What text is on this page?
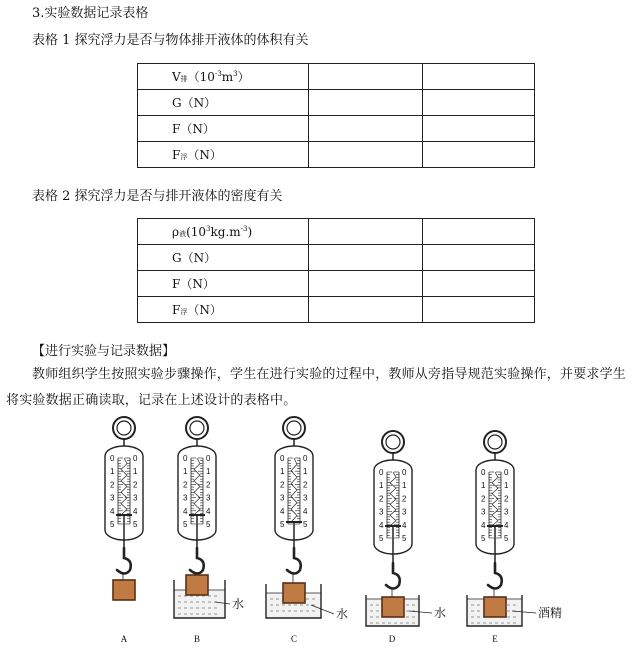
3.实验数据记录表格
表格 1 探究浮力是否与物体排开液体的体积有关
V排$(10^{-3}m^3)$		
G（N）		
F（N）		
F浮（N）		
表格 2 探究浮力是否与排开液体的密度有关
ρ液$(10^3kg.m^{-3})$		
G（N）		
F（N）		
F浮（N）		
【进行实验与记录数据】
教师组织学生按照实验步骤操作，学生在进行实验的过程中，教师从旁指导规范实验操作，并要求学生将实验数据正确读取，记录在上述设计的表格中。
0 0
1 1
2 2
3 3
4 4
5 5
A
0 0
1 1
2 2
3 3
4 4
5 5
水
B
0 0
1 1
2 2
3 3
4 4
5 5
水
C
0 0
1 1
2 2
3 3
4 4
5 5
水
D
0 0
1 1
2 2
3 3
4 4
5 5
酒精
E
